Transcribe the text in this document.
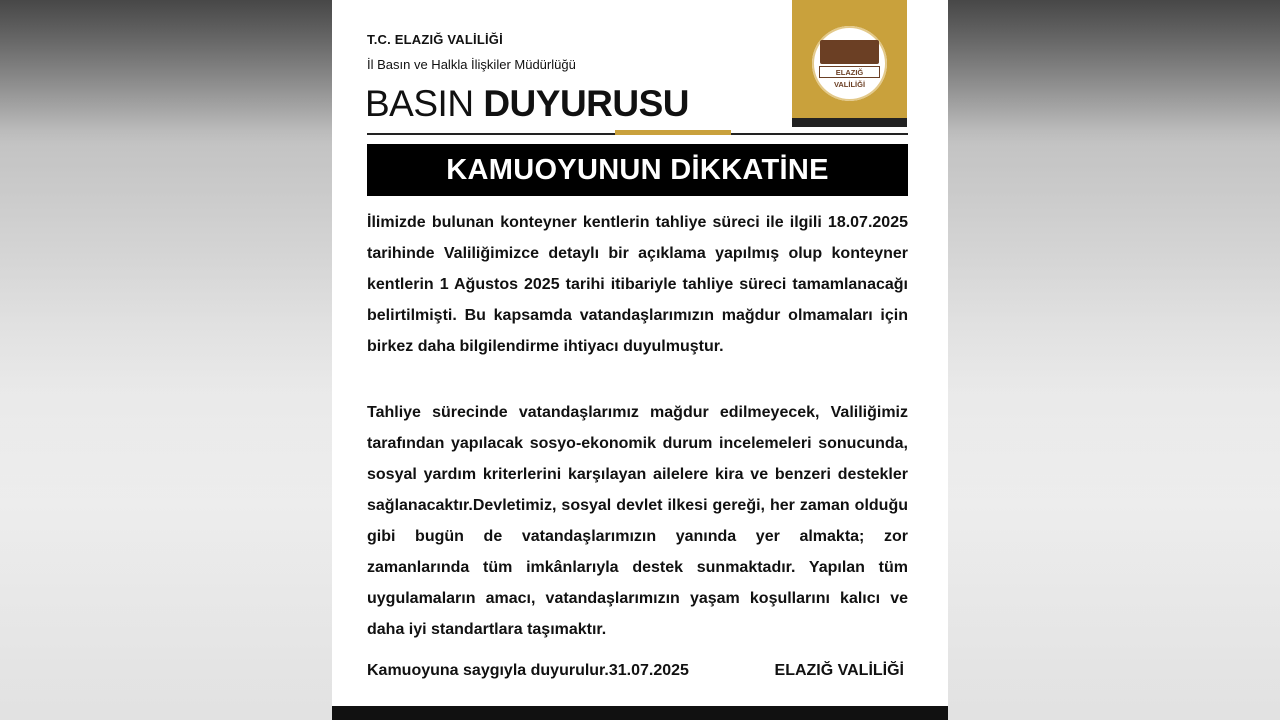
T.C. ELAZIĞ VALİLİĞİ
İl Basın ve Halkla İlişkiler Müdürlüğü
BASIN DUYURUSU
ELAZIĞ VALİLİĞİ
KAMUOYUNUN DİKKATİNE
İlimizde bulunan konteyner kentlerin tahliye süreci ile ilgili 18.07.2025 tarihinde Valiliğimizce detaylı bir açıklama yapılmış olup konteyner kentlerin 1 Ağustos 2025 tarihi itibariyle tahliye süreci tamamlanacağı belirtilmişti. Bu kapsamda vatandaşlarımızın mağdur olmamaları için birkez daha bilgilendirme ihtiyacı duyulmuştur.
Tahliye sürecinde vatandaşlarımız mağdur edilmeyecek, Valiliğimiz tarafından yapılacak sosyo-ekonomik durum incelemeleri sonucunda, sosyal yardım kriterlerini karşılayan ailelere kira ve benzeri destekler sağlanacaktır.Devletimiz, sosyal devlet ilkesi gereği, her zaman olduğu gibi bugün de vatandaşlarımızın yanında yer almakta; zor zamanlarında tüm imkânlarıyla destek sunmaktadır. Yapılan tüm uygulamaların amacı, vatandaşlarımızın yaşam koşullarını kalıcı ve daha iyi standartlara taşımaktır.
Kamuoyuna saygıyla duyurulur.31.07.2025	ELAZIĞ VALİLİĞİ
